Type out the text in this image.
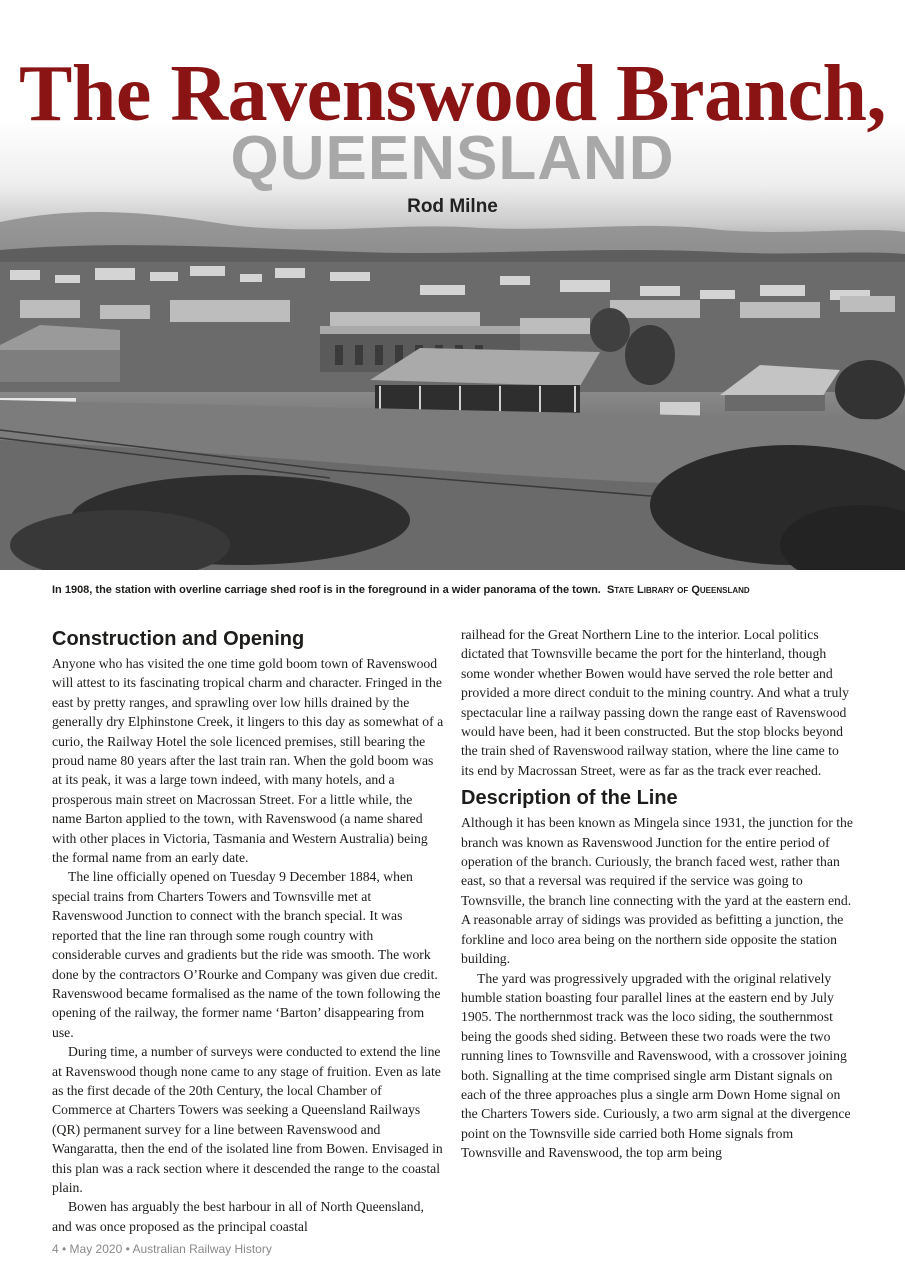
The Ravenswood Branch,
QUEENSLAND
Rod Milne
In 1908, the station with overline carriage shed roof is in the foreground in a wider panorama of the town. State Library of Queensland
Construction and Opening

Anyone who has visited the one time gold boom town of Ravenswood will attest to its fascinating tropical charm and character. Fringed in the east by pretty ranges, and sprawling over low hills drained by the generally dry Elphinstone Creek, it lingers to this day as somewhat of a curio, the Railway Hotel the sole licenced premises, still bearing the proud name 80 years after the last train ran. When the gold boom was at its peak, it was a large town indeed, with many hotels, and a prosperous main street on Macrossan Street. For a little while, the name Barton applied to the town, with Ravenswood (a name shared with other places in Victoria, Tasmania and Western Australia) being the formal name from an early date.

The line officially opened on Tuesday 9 December 1884, when special trains from Charters Towers and Townsville met at Ravenswood Junction to connect with the branch special. It was reported that the line ran through some rough country with considerable curves and gradients but the ride was smooth. The work done by the contractors O’Rourke and Company was given due credit. Ravenswood became formalised as the name of the town following the opening of the railway, the former name ‘Barton’ disappearing from use.

During time, a number of surveys were conducted to extend the line at Ravenswood though none came to any stage of fruition. Even as late as the first decade of the 20th Century, the local Chamber of Commerce at Charters Towers was seeking a Queensland Railways (QR) permanent survey for a line between Ravenswood and Wangaratta, then the end of the isolated line from Bowen. Envisaged in this plan was a rack section where it descended the range to the coastal plain.

Bowen has arguably the best harbour in all of North Queensland, and was once proposed as the principal coastal

railhead for the Great Northern Line to the interior. Local politics dictated that Townsville became the port for the hinterland, though some wonder whether Bowen would have served the role better and provided a more direct conduit to the mining country. And what a truly spectacular line a railway passing down the range east of Ravenswood would have been, had it been constructed. But the stop blocks beyond the train shed of Ravenswood railway station, where the line came to its end by Macrossan Street, were as far as the track ever reached.

Description of the Line

Although it has been known as Mingela since 1931, the junction for the branch was known as Ravenswood Junction for the entire period of operation of the branch. Curiously, the branch faced west, rather than east, so that a reversal was required if the service was going to Townsville, the branch line connecting with the yard at the eastern end. A reasonable array of sidings was provided as befitting a junction, the forkline and loco area being on the northern side opposite the station building.

The yard was progressively upgraded with the original relatively humble station boasting four parallel lines at the eastern end by July 1905. The northernmost track was the loco siding, the southernmost being the goods shed siding. Between these two roads were the two running lines to Townsville and Ravenswood, with a crossover joining both. Signalling at the time comprised single arm Distant signals on each of the three approaches plus a single arm Down Home signal on the Charters Towers side. Curiously, a two arm signal at the divergence point on the Townsville side carried both Home signals from Townsville and Ravenswood, the top arm being

4 • May 2020 • Australian Railway History
